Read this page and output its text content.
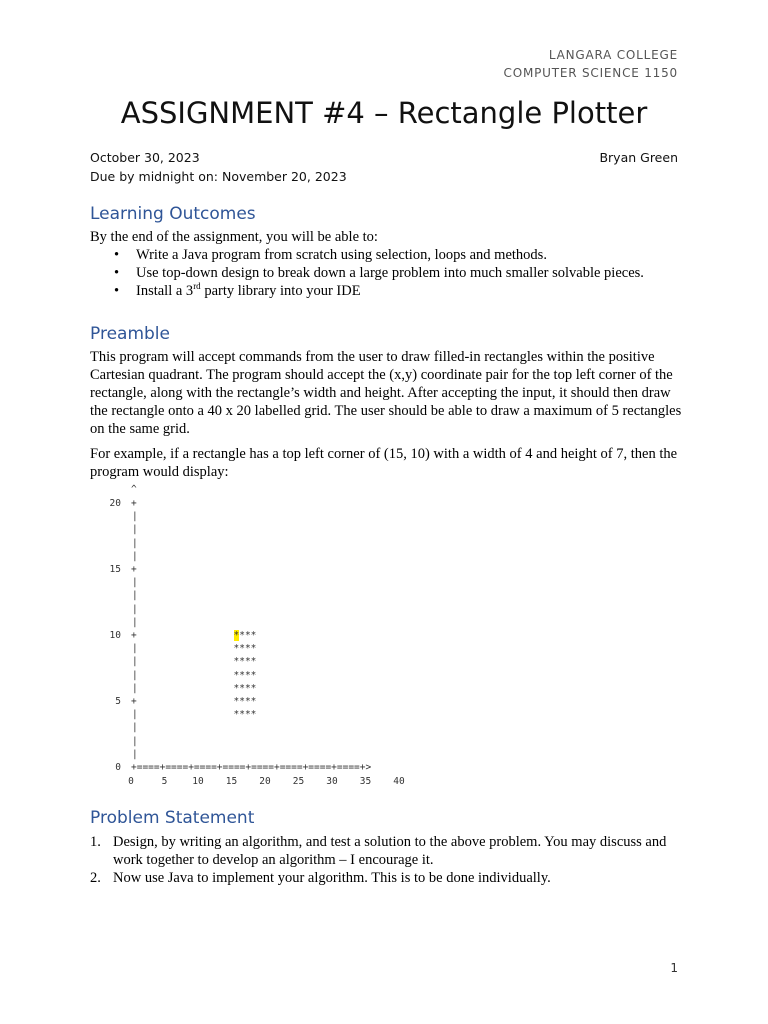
LANGARA COLLEGE
COMPUTER SCIENCE 1150
ASSIGNMENT #4 – Rectangle Plotter
October 30, 2023	Bryan Green
Due by midnight on: November 20, 2023
Learning Outcomes

By the end of the assignment, you will be able to:

• Write a Java program from scratch using selection, loops and methods.
• Use top-down design to break down a large problem into much smaller solvable pieces.
• Install a 3rd party library into your IDE
Preamble

This program will accept commands from the user to draw filled-in rectangles within the positive Cartesian quadrant. The program should accept the (x,y) coordinate pair for the top left corner of the rectangle, along with the rectangle’s width and height. After accepting the input, it should then draw the rectangle onto a 40 x 20 labelled grid. The user should be able to draw a maximum of 5 rectangles on the same grid.

For example, if a rectangle has a top left corner of (15, 10) with a width of 4 and height of 7, then the program would display:

^
|
|
|
|
|
|
|
|
|
|
|
|
|
|
|
|
20 +
15 +
10 +
5 +
0 +====+====+====+====+====+====+====+====+>
0	5	10 15 20 25 30 35 40
****
****
****
****
****
****
****
Problem Statement
1. Design, by writing an algorithm, and test a solution to the above problem. You may discuss and work together to develop an algorithm – I encourage it.
2. Now use Java to implement your algorithm. This is to be done individually.
1
